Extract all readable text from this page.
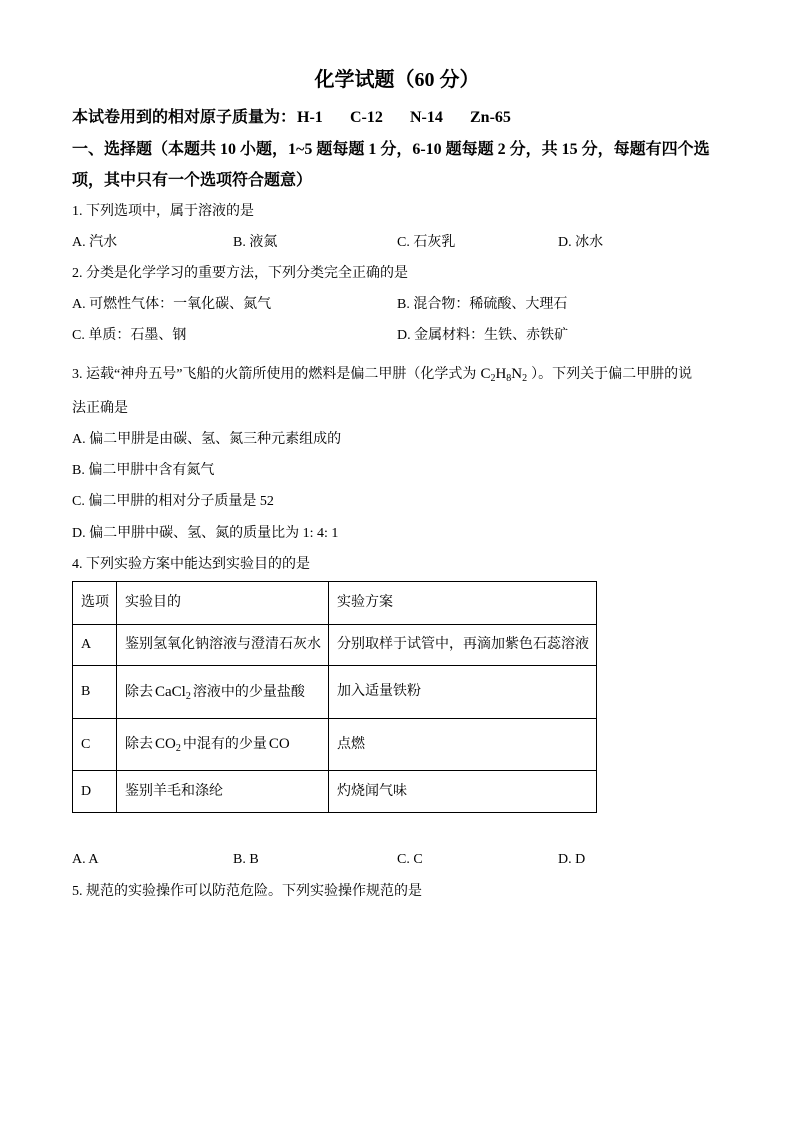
化学试题（60 分）
本试卷用到的相对原子质量为： H-1 C-12 N-14 Zn-65
一、选择题（本题共 10 小题，1~5 题每题 1 分，6-10 题每题 2 分，共 15 分，每题有四个选
项，其中只有一个选项符合题意）
1. 下列选项中，属于溶液的是
A. 汽水	B. 液氮	C. 石灰乳	D. 冰水
2. 分类是化学学习的重要方法，下列分类完全正确的是
A. 可燃性气体：一氧化碳、氮气	B. 混合物：稀硫酸、大理石
C. 单质：石墨、钢	D. 金属材料：生铁、赤铁矿
3. 运载“神舟五号”飞船的火箭所使用的燃料是偏二甲肼（化学式为 $C_2H_8N_2$ ）。下列关于偏二甲肼的说
法正确是
A. 偏二甲肼是由碳、氢、氮三种元素组成的
B. 偏二甲肼中含有氮气
C. 偏二甲肼的相对分子质量是 52
D. 偏二甲肼中碳、氢、氮的质量比为 1: 4: 1
4. 下列实验方案中能达到实验目的的是
选项	实验目的	实验方案
A	鉴别氢氧化钠溶液与澄清石灰水	分别取样于试管中，再滴加紫色石蕊溶液
B	除去 CaCl$_2$ 溶液中的少量盐酸	加入适量铁粉
C	除去 $CO_2$ 中混有的少量 CO	点燃
D	鉴别羊毛和涤纶	灼烧闻气味
A. A	B. B	C. C	D. D
5. 规范的实验操作可以防范危险。下列实验操作规范的是
